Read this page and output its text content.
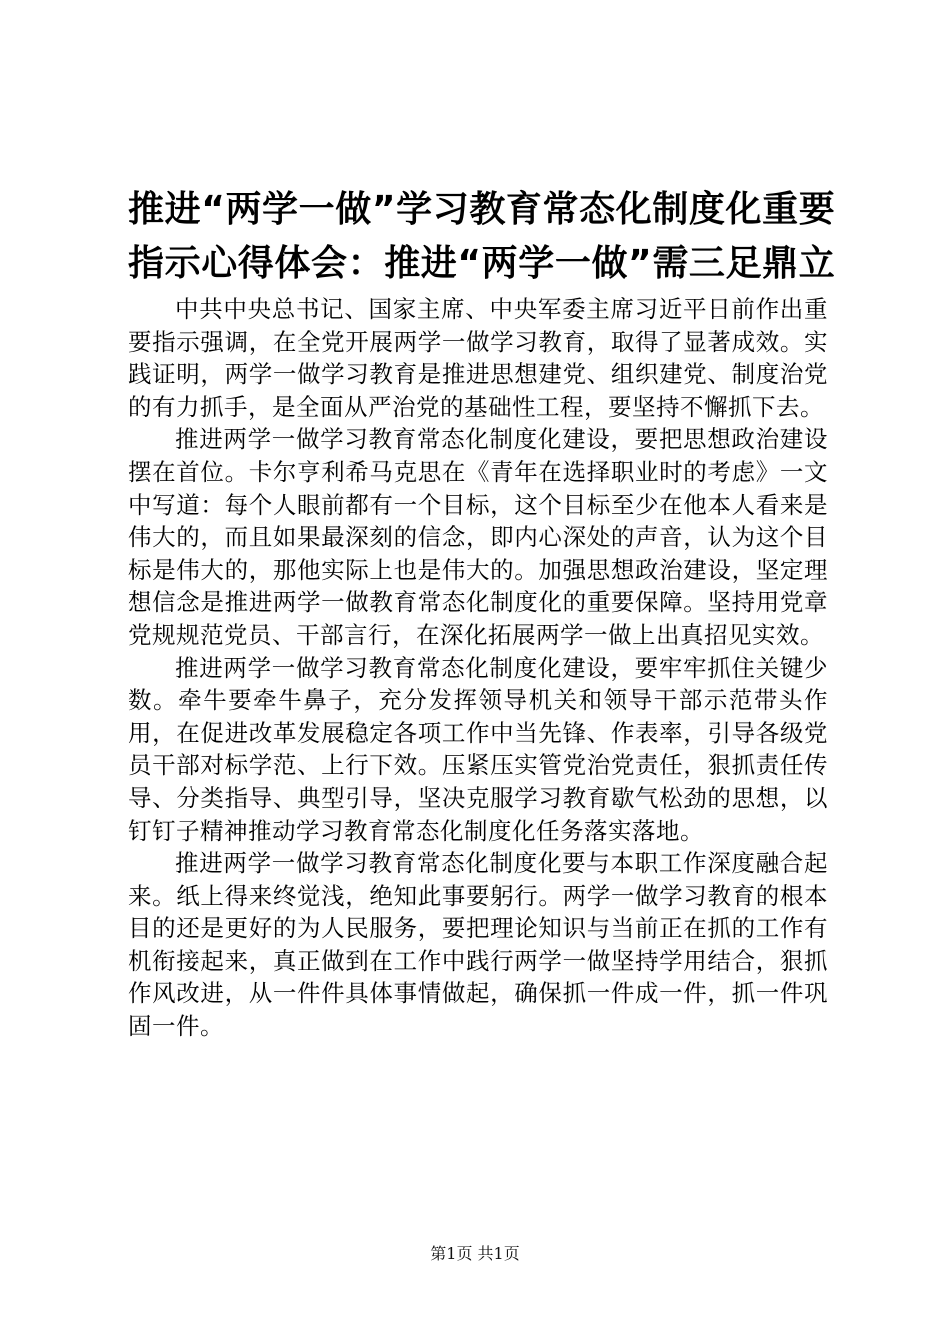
推进“两学一做”学习教育常态化制度化重要
指示心得体会：推进“两学一做”需三足鼎立

中共中央总书记、国家主席、中央军委主席习近平日前作出重要指示强调，在全党开展两学一做学习教育，取得了显著成效。实践证明，两学一做学习教育是推进思想建党、组织建党、制度治党的有力抓手，是全面从严治党的基础性工程，要坚持不懈抓下去。

推进两学一做学习教育常态化制度化建设，要把思想政治建设摆在首位。卡尔亨利希马克思在《青年在选择职业时的考虑》一文中写道：每个人眼前都有一个目标，这个目标至少在他本人看来是伟大的，而且如果最深刻的信念，即内心深处的声音，认为这个目标是伟大的，那他实际上也是伟大的。加强思想政治建设，坚定理想信念是推进两学一做教育常态化制度化的重要保障。坚持用党章党规规范党员、干部言行，在深化拓展两学一做上出真招见实效。

推进两学一做学习教育常态化制度化建设，要牢牢抓住关键少数。牵牛要牵牛鼻子，充分发挥领导机关和领导干部示范带头作用，在促进改革发展稳定各项工作中当先锋、作表率，引导各级党员干部对标学范、上行下效。压紧压实管党治党责任，狠抓责任传导、分类指导、典型引导，坚决克服学习教育歇气松劲的思想，以钉钉子精神推动学习教育常态化制度化任务落实落地。

推进两学一做学习教育常态化制度化要与本职工作深度融合起来。纸上得来终觉浅，绝知此事要躬行。两学一做学习教育的根本目的还是更好的为人民服务，要把理论知识与当前正在抓的工作有机衔接起来，真正做到在工作中践行两学一做坚持学用结合，狠抓作风改进，从一件件具体事情做起，确保抓一件成一件，抓一件巩固一件。

第1页 共1页
